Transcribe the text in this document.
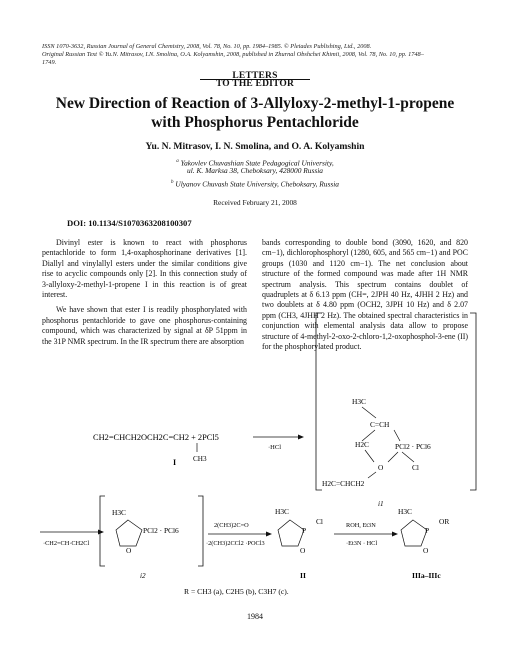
ISSN 1070-3632, Russian Journal of General Chemistry, 2008, Vol. 78, No. 10, pp. 1984–1985. © Pleiades Publishing, Ltd., 2008.
Original Russian Text © Yu.N. Mitrasov, I.N. Smolina, O.A. Kolyamshin, 2008, published in Zhurnal Obshchei Khimii, 2008, Vol. 78, No. 10, pp. 1748–
1749.
LETTERS
TO THE EDITOR
New Direction of Reaction of 3-Allyloxy-2-methyl-1-propene
with Phosphorus Pentachloride
Yu. N. Mitrasov, I. N. Smolina, and O. A. Kolyamshin
$^a$ Yakovlev Chuvashian State Pedagogical University,
ul. K. Marksa 38, Cheboksary, 428000 Russia
$^b$ Ulyanov Chuvash State University, Cheboksary, Russia
Received February 21, 2008
DOI: 10.1134/S1070363208100307

Divinyl ester is known to react with phosphorus pentachloride to form 1,4-oxaphosphorinane derivatives [1]. Diallyl and vinylallyl esters under the similar conditions give rise to acyclic compounds only [2]. In this connection study of 3-allyloxy-2-methyl-1-propene I in this reaction is of great interest.

We have shown that ester I is readily phosphorylated with phosphorus pentachloride to gave one phosphorus-containing compound, which was characterized by signal at δP 51ppm in the 31P NMR spectrum. In the IR spectrum there are absorption

bands corresponding to double bond (3090, 1620, and 820 cm−1), dichlorophosphoryl (1280, 605, and 565 cm−1) and POC groups (1030 and 1120 cm−1). The net conclusion about structure of the formed compound was made after 1H NMR spectrum analysis. This spectrum contains doublet of quadruplets at δ 6.13 ppm (CH=, 2JPH 40 Hz, 4JHH 2 Hz) and two doublets at δ 4.80 ppm (OCH2, 3JPH 10 Hz) and δ 2.07 ppm (CH3, 4JHH 2 Hz). The obtained spectral characteristics in conjunction with elemental analysis data allow to propose structure of 4-methyl-2-oxo-2-chloro-1,2-oxophosphol-3-ene (II) for the phosphorylated product.

CH2=CHCH2OCH2C=CH2 + 2PCl5
CH3
I
·HCl
H3C
C=CH
H2C	PCl2 · PCl6
Cl
O
H2C=CHCH2
i1
·CH2=CH·CH2Cl
H3C
PCl2 · PCl6
O
i2
2(CH3)2C=O
·2(CH3)2CCl2 ·POCl3
H3C
P
Cl
O
II
ROH, Et3N
·Et3N · HCl
H3C
P
OR
O
IIIa–IIIc
R = CH3 (a), C2H5 (b), C3H7 (c).
1984
